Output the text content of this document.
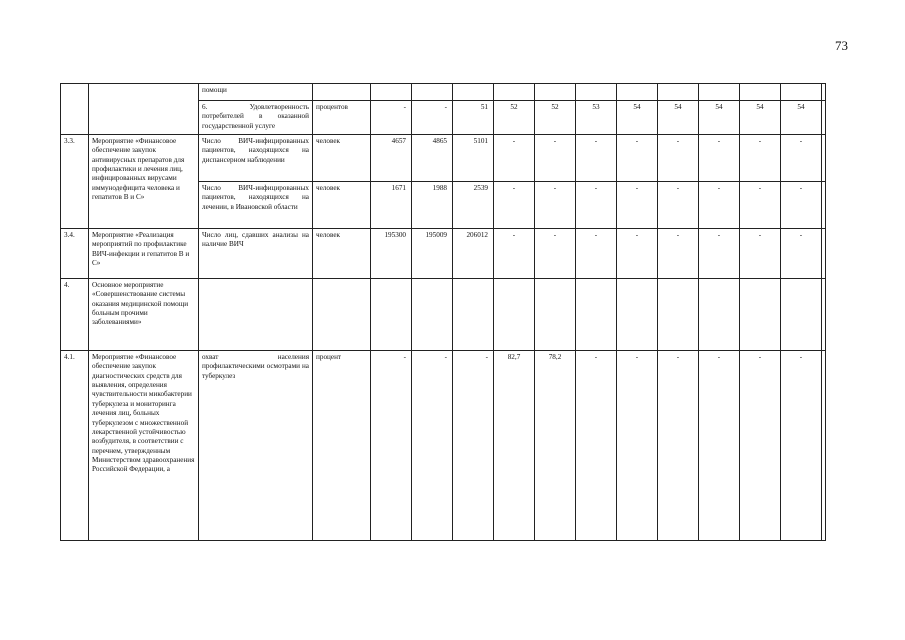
73
		помощи													
		6. Удовлетворенность потребителей в оказанной государственной услуге	процентов	-	-	51	52	52	53	54	54	54	54	54	
3.3.	Мероприятие «Финансовое обеспечение закупок антивирусных препаратов для профилактики и лечения лиц, инфицированных вирусами иммунодефицита человека и гепатитов В и С»	Число ВИЧ-инфицированных пациентов, находящихся на диспансерном наблюдении	человек	4657	4865	5101	-	-	-	-	-	-	-	-	
		Число ВИЧ-инфицированных пациентов, находящихся на лечении, в Ивановской области	человек	1671	1988	2539	-	-	-	-	-	-	-	-	
3.4.	Мероприятие «Реализация мероприятий по профилактике ВИЧ-инфекции и гепатитов В и С»	Число лиц, сдавших анализы на наличие ВИЧ	человек	195300	195009	206012	-	-	-	-	-	-	-	-	
4.	Основное мероприятие «Совершенствование системы оказания медицинской помощи больным прочими заболеваниями»														
4.1.	Мероприятие «Финансовое обеспечение закупок диагностических средств для выявления, определения чувствительности микобактерии туберкулеза и мониторинга лечения лиц, больных туберкулезом с множественной лекарственной устойчивостью возбудителя, в соответствии с перечнем, утвержденным Министерством здравоохранения Российской Федерации, а	охват населения профилактическими осмотрами на туберкулез	процент	-	-	-	82,7	78,2	-	-	-	-	-	-	
